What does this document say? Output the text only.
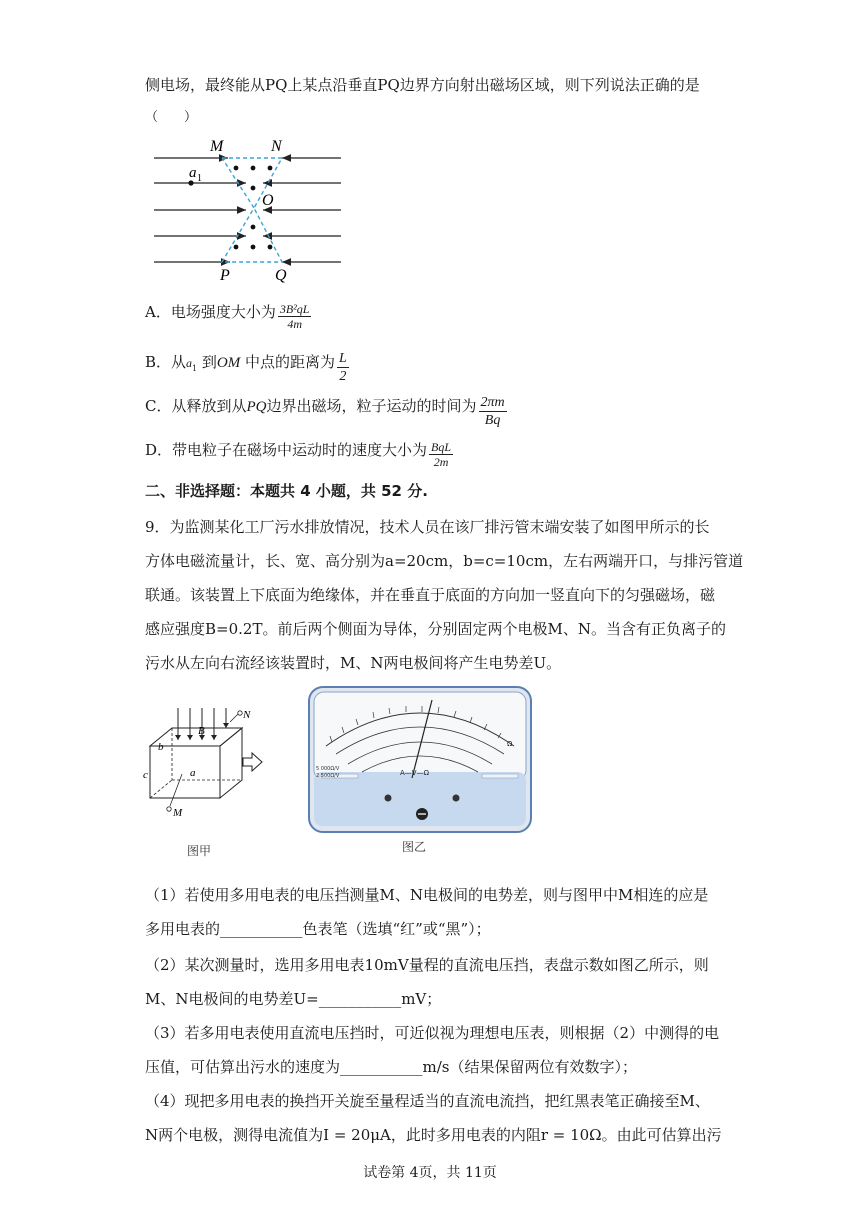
侧电场，最终能从PQ上某点沿垂直PQ边界方向射出磁场区域，则下列说法正确的是
（　　）
M	N
O
P	Q
a 1
A．电场强度大小为 $\frac{\text{3B²qL}}{4m}$
B．从$a_1$ 到OM 中点的距离为 $\frac{L}{2}$
C．从释放到从PQ边界出磁场，粒子运动的时间为 $\frac{2\pi m}{Bq}$
D．带电粒子在磁场中运动时的速度大小为 $\frac{\text{BqL}}{2m}$
二、非选择题：本题共 4 小题，共 52 分.
9．为监测某化工厂污水排放情况，技术人员在该厂排污管末端安装了如图甲所示的长
方体电磁流量计，长、宽、高分别为a=20cm，b=c=10cm，左右两端开口，与排污管道
联通。该装置上下底面为绝缘体，并在垂直于底面的方向加一竖直向下的匀强磁场，磁
感应强度B=0.2T。前后两个侧面为导体，分别固定两个电极M、N。当含有正负离子的
污水从左向右流经该装置时，M、N两电极间将产生电势差U。
B
N
M
a
b
c
图甲
5 000Ω/V
2 500Ω/V	A—V—Ω
Ω
图乙
（1）若使用多用电表的电压挡测量M、N电极间的电势差，则与图甲中M相连的应是
多用电表的___________色表笔（选填“红”或“黑”）；
（2）某次测量时，选用多用电表10mV量程的直流电压挡，表盘示数如图乙所示，则
M、N电极间的电势差U=___________mV；
（3）若多用电表使用直流电压挡时，可近似视为理想电压表，则根据（2）中测得的电
压值，可估算出污水的速度为___________m/s（结果保留两位有效数字）；
（4）现把多用电表的换挡开关旋至量程适当的直流电流挡，把红黑表笔正确接至M、
N两个电极，测得电流值为I = 20μA，此时多用电表的内阻r = 10Ω。由此可估算出污
试卷第 4页，共 11页
